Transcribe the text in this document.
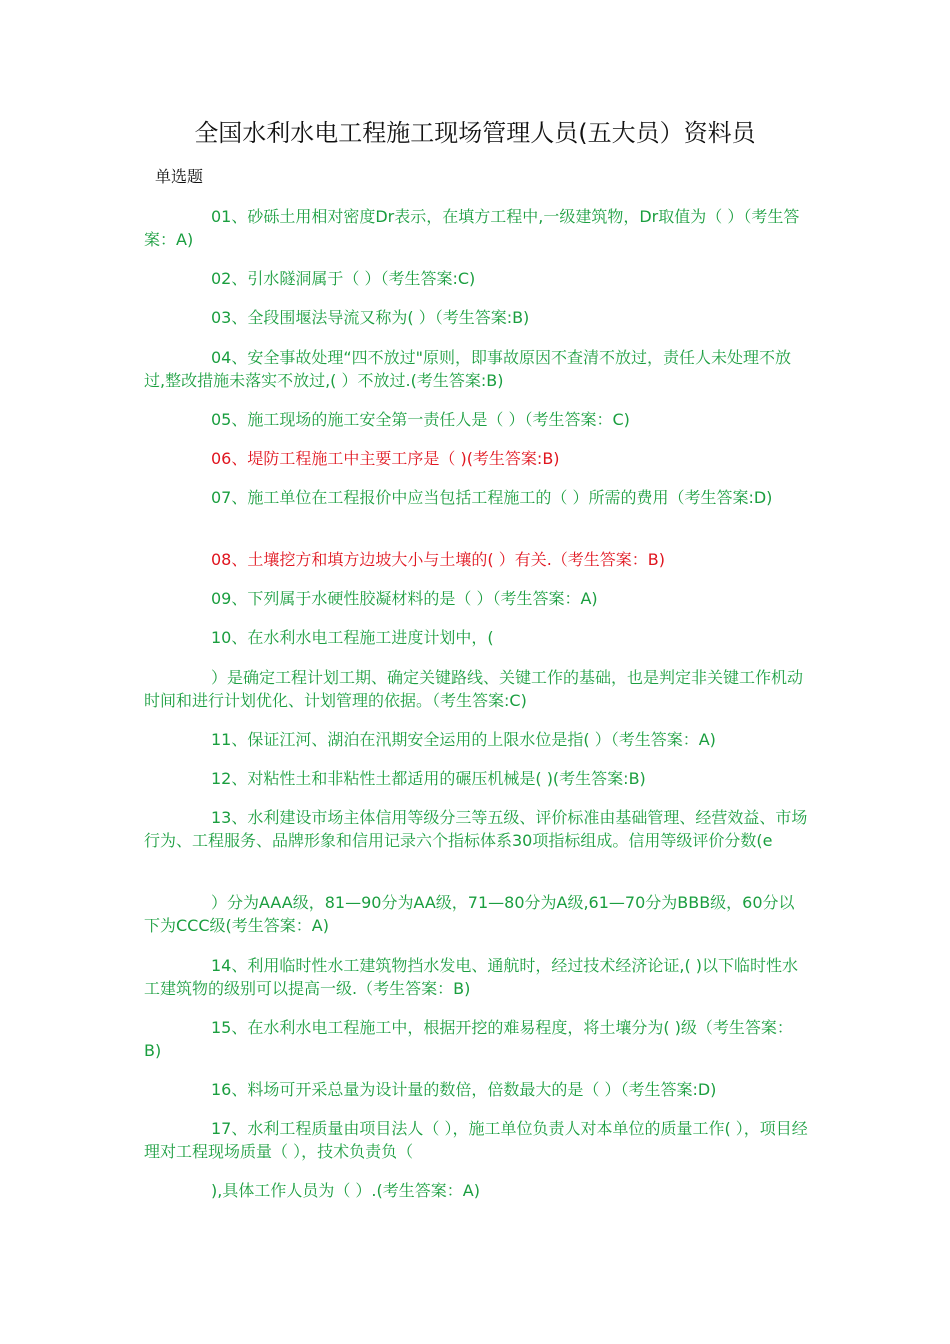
全国水利水电工程施工现场管理人员(五大员）资料员
单选题

01、砂砾土用相对密度Dr表示，在填方工程中,一级建筑物，Dr取值为（ ）（考生答案：A)

02、引水隧洞属于（ ）（考生答案:C)

03、全段围堰法导流又称为( ）（考生答案:B)

04、安全事故处理“四不放过"原则，即事故原因不查清不放过，责任人未处理不放过,整改措施未落实不放过,( ）不放过.(考生答案:B)

05、施工现场的施工安全第一责任人是（ ）（考生答案：C)

06、堤防工程施工中主要工序是（ )(考生答案:B)

07、施工单位在工程报价中应当包括工程施工的（ ）所需的费用（考生答案:D)

08、土壤挖方和填方边坡大小与土壤的( ）有关.（考生答案：B)

09、下列属于水硬性胶凝材料的是（ ）（考生答案：A)

10、在水利水电工程施工进度计划中，(

）是确定工程计划工期、确定关键路线、关键工作的基础，也是判定非关键工作机动时间和进行计划优化、计划管理的依据。（考生答案:C)

11、保证江河、湖泊在汛期安全运用的上限水位是指( ）（考生答案：A)

12、对粘性土和非粘性土都适用的碾压机械是( )(考生答案:B)

13、水利建设市场主体信用等级分三等五级、评价标准由基础管理、经营效益、市场行为、工程服务、品牌形象和信用记录六个指标体系30项指标组成。信用等级评价分数(e

）分为AAA级，81—90分为AA级，71—80分为A级,61—70分为BBB级，60分以下为CCC级(考生答案：A)

14、利用临时性水工建筑物挡水发电、通航时，经过技术经济论证,( )以下临时性水工建筑物的级别可以提高一级.（考生答案：B)

15、在水利水电工程施工中，根据开挖的难易程度，将土壤分为( )级（考生答案：B)

16、料场可开采总量为设计量的数倍，倍数最大的是（ ）（考生答案:D)

17、水利工程质量由项目法人（ ），施工单位负责人对本单位的质量工作( ），项目经理对工程现场质量（ ），技术负责负（

),具体工作人员为（ ）.(考生答案：A)
